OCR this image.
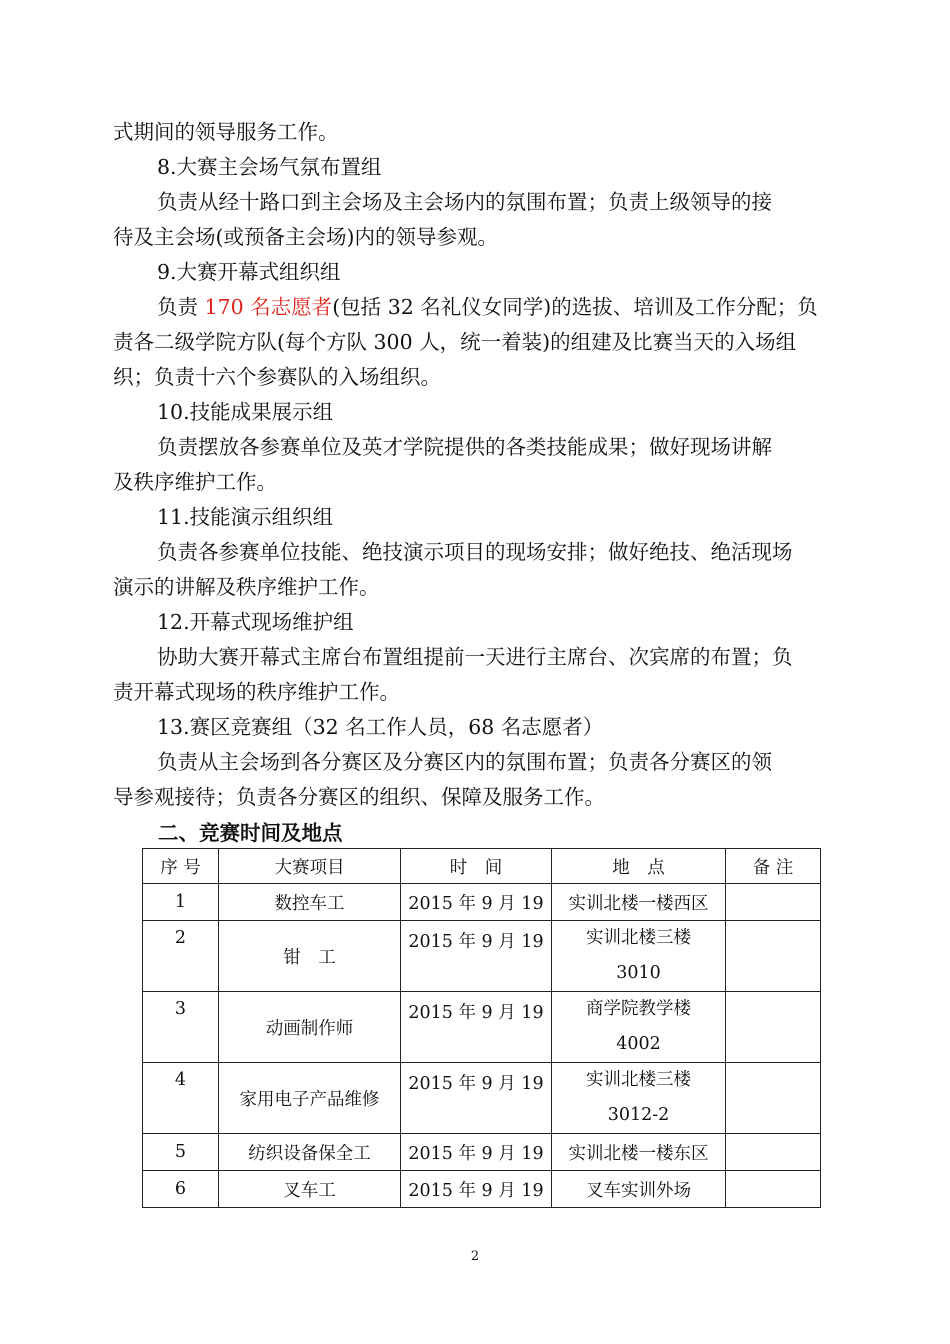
式期间的领导服务工作。
8.大赛主会场气氛布置组
负责从经十路口到主会场及主会场内的氛围布置；负责上级领导的接
待及主会场(或预备主会场)内的领导参观。
9.大赛开幕式组织组
负责 170 名志愿者(包括 32 名礼仪女同学)的选拔、培训及工作分配；负
责各二级学院方队(每个方队 300 人，统一着装)的组建及比赛当天的入场组
织；负责十六个参赛队的入场组织。
10.技能成果展示组
负责摆放各参赛单位及英才学院提供的各类技能成果；做好现场讲解
及秩序维护工作。
11.技能演示组织组
负责各参赛单位技能、绝技演示项目的现场安排；做好绝技、绝活现场
演示的讲解及秩序维护工作。
12.开幕式现场维护组
协助大赛开幕式主席台布置组提前一天进行主席台、次宾席的布置；负
责开幕式现场的秩序维护工作。
13.赛区竞赛组（32 名工作人员，68 名志愿者）
负责从主会场到各分赛区及分赛区内的氛围布置；负责各分赛区的领
导参观接待；负责各分赛区的组织、保障及服务工作。
二、竞赛时间及地点
序 号	大赛项目	时　间	地　点	备 注
1	数控车工	2015 年 9 月 19	实训北楼一楼西区	
2	钳　工	2015 年 9 月 19	实训北楼三楼
3010	

3	动画制作师	2015 年 9 月 19	商学院教学楼
4002	

4	家用电子产品维修	2015 年 9 月 19	实训北楼三楼
3012-2	

5	纺织设备保全工	2015 年 9 月 19	实训北楼一楼东区	
6	叉车工	2015 年 9 月 19	叉车实训外场	
2
